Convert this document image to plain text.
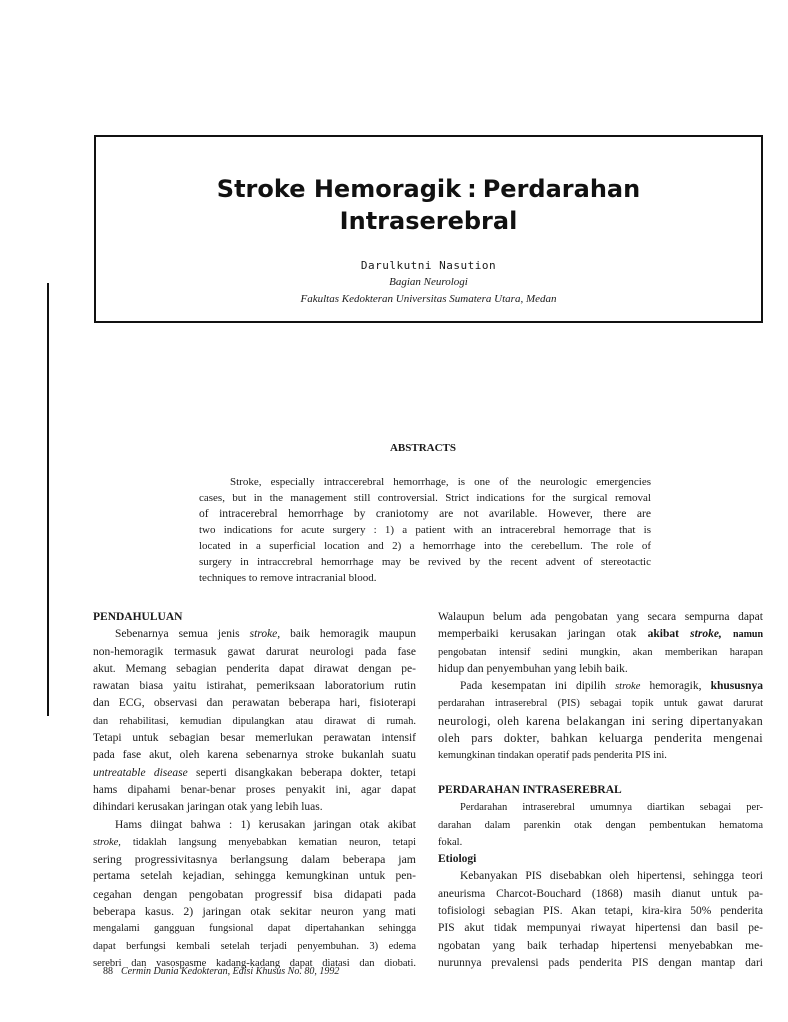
Stroke Hemoragik : Perdarahan
Intraserebral
Darulkutni Nasution
Bagian Neurologi
Fakultas Kedokteran Universitas Sumatera Utara, Medan
ABSTRACTS
Stroke, especially intraccerebral hemorrhage, is one of the neurologic emergencies
cases, but in the management still controversial. Strict indications for the surgical removal
of intracerebral hemorrhage by craniotomy are not avarilable. However, there are
two indications for acute surgery : 1) a patient with an intracerebral hemorrage that is
located in a superficial location and 2) a hemorrhage into the cerebellum. The role of
surgery in intraccrebral hemorrhage may be revived by the recent advent of stereotactic
techniques to remove intracranial blood.
PENDAHULUAN
Sebenarnya semua jenis stroke, baik hemoragik maupun
non-hemoragik termasuk gawat darurat neurologi pada fase
akut. Memang sebagian penderita dapat dirawat dengan pe-
rawatan biasa yaitu istirahat, pemeriksaan laboratorium rutin
dan ECG, observasi dan perawatan beberapa hari, fisioterapi
dan rehabilitasi, kemudian dipulangkan atau dirawat di rumah.
Tetapi untuk sebagian besar memerlukan perawatan intensif
pada fase akut, oleh karena sebenarnya stroke bukanlah suatu
untreatable disease seperti disangkakan beberapa dokter, tetapi
hams dipahami benar-benar proses penyakit ini, agar dapat
dihindari kerusakan jaringan otak yang lebih luas.
Hams diingat bahwa : 1) kerusakan jaringan otak akibat
stroke, tidaklah langsung menyebabkan kematian neuron, tetapi
sering progressivitasnya berlangsung dalam beberapa jam
pertama setelah kejadian, sehingga kemungkinan untuk pen-
cegahan dengan pengobatan progressif bisa didapati pada
beberapa kasus. 2) jaringan otak sekitar neuron yang mati
mengalami gangguan fungsional dapat dipertahankan sehingga
dapat berfungsi kembali setelah terjadi penyembuhan. 3) edema
serebri dan vasospasme kadang-kadang dapat diatasi dan diobati.
Walaupun belum ada pengobatan yang secara sempurna dapat
memperbaiki kerusakan jaringan otak akibat stroke, namun
pengobatan intensif sedini mungkin, akan memberikan harapan
hidup dan penyembuhan yang lebih baik.
Pada kesempatan ini dipilih stroke hemoragik, khususnya
perdarahan intraserebral (PIS) sebagai topik untuk gawat darurat
neurologi, oleh karena belakangan ini sering dipertanyakan
oleh pars dokter, bahkan keluarga penderita mengenai
kemungkinan tindakan operatif pads penderita PIS ini.
PERDARAHAN INTRASEREBRAL
Perdarahan intraserebral umumnya diartikan sebagai per-
darahan dalam parenkin otak dengan pembentukan hematoma
fokal.
Etiologi
Kebanyakan PIS disebabkan oleh hipertensi, sehingga teori
aneurisma Charcot-Bouchard (1868) masih dianut untuk pa-
tofisiologi sebagian PIS. Akan tetapi, kira-kira 50% penderita
PIS akut tidak mempunyai riwayat hipertensi dan basil pe-
ngobatan yang baik terhadap hipertensi menyebabkan me-
nurunnya prevalensi pads penderita PIS dengan mantap dari
88 Cermin Dunia Kedokteran, Edisi Khusus No. 80, 1992
